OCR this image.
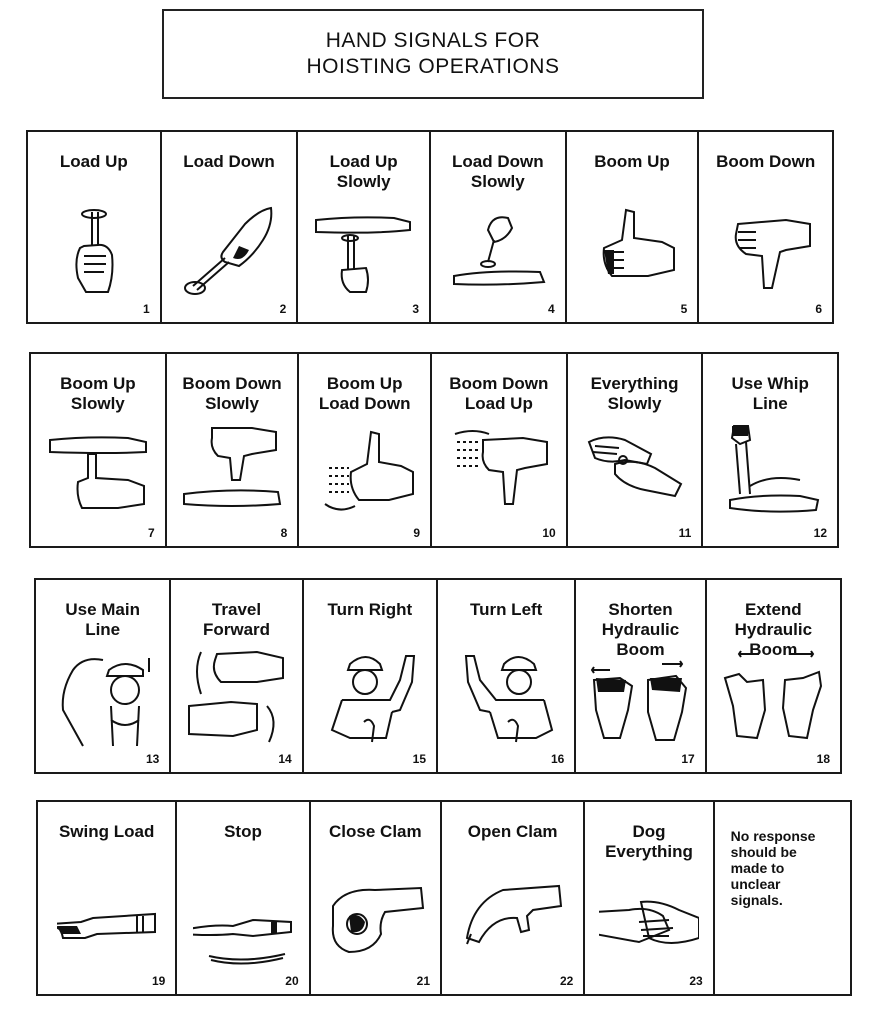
HAND SIGNALS FOR
HOISTING OPERATIONS
Load Up
1
Load Down
2
Load Up
Slowly
3
Load Down
Slowly
4
Boom Up
5
Boom Down
6
Boom Up
Slowly
7
Boom Down
Slowly
8
Boom Up
Load Down
9
Boom Down
Load Up
10
Everything
Slowly
11
Use Whip
Line
12
Use Main
Line
13
Travel
Forward
14
Turn Right
15
Turn Left
16
Shorten
Hydraulic
Boom
17
Extend
Hydraulic
Boom
18
Swing Load
19
Stop
20
Close Clam
21
Open Clam
22
Dog
Everything
23
No response
should be
made to
unclear
signals.
